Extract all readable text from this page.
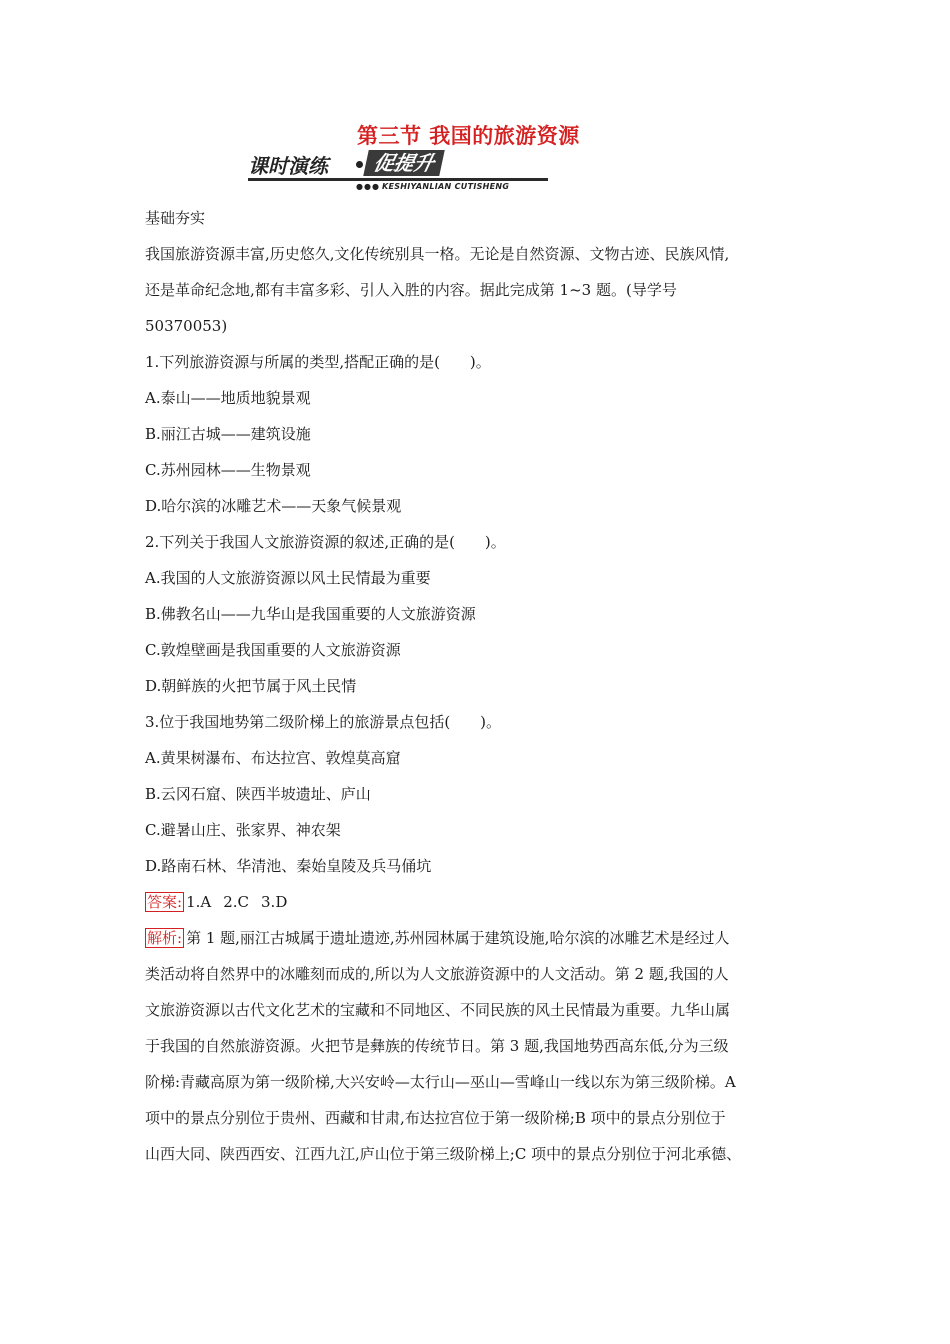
第三节 我国的旅游资源
课时演练	促提升
●●● KESHIYANLIAN CUTISHENG
基础夯实
我国旅游资源丰富,历史悠久,文化传统别具一格。无论是自然资源、文物古迹、民族风情,
还是革命纪念地,都有丰富多彩、引人入胜的内容。据此完成第 1~3 题。(导学号
50370053)
1.下列旅游资源与所属的类型,搭配正确的是(　　)。
A.泰山——地质地貌景观
B.丽江古城——建筑设施
C.苏州园林——生物景观
D.哈尔滨的冰雕艺术——天象气候景观
2.下列关于我国人文旅游资源的叙述,正确的是(　　)。
A.我国的人文旅游资源以风土民情最为重要
B.佛教名山——九华山是我国重要的人文旅游资源
C.敦煌壁画是我国重要的人文旅游资源
D.朝鲜族的火把节属于风土民情
3.位于我国地势第二级阶梯上的旅游景点包括(　　)。
A.黄果树瀑布、布达拉宫、敦煌莫高窟
B.云冈石窟、陕西半坡遗址、庐山
C.避暑山庄、张家界、神农架
D.路南石林、华清池、秦始皇陵及兵马俑坑
答案: 1.A 2.C 3.D
解析: 第 1 题,丽江古城属于遗址遗迹,苏州园林属于建筑设施,哈尔滨的冰雕艺术是经过人
类活动将自然界中的冰雕刻而成的,所以为人文旅游资源中的人文活动。第 2 题,我国的人
文旅游资源以古代文化艺术的宝藏和不同地区、不同民族的风土民情最为重要。九华山属
于我国的自然旅游资源。火把节是彝族的传统节日。第 3 题,我国地势西高东低,分为三级
阶梯:青藏高原为第一级阶梯,大兴安岭—太行山—巫山—雪峰山一线以东为第三级阶梯。A
项中的景点分别位于贵州、西藏和甘肃,布达拉宫位于第一级阶梯;B 项中的景点分别位于
山西大同、陕西西安、江西九江,庐山位于第三级阶梯上;C 项中的景点分别位于河北承德、
